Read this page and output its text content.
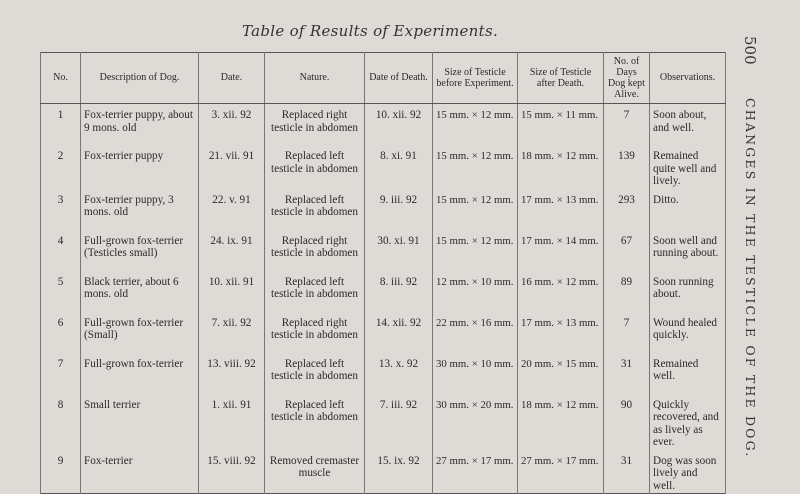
Table of Results of Experiments.
500
CHANGES IN THE TESTICLE OF THE DOG.
No.	Description of Dog.	Date.	Nature.	Date of Death.	Size of Testicle before Experiment.	Size of Testicle after Death.	No. of Days Dog kept Alive.	Observations.
1	Fox-terrier puppy, about 9 mons. old	3. xii. 92	Replaced right testicle in abdomen	10. xii. 92	15 mm. × 12 mm.	15 mm. × 11 mm.	7	Soon about, and well.
2	Fox-terrier puppy	21. vii. 91	Replaced left testicle in abdomen	8. xi. 91	15 mm. × 12 mm.	18 mm. × 12 mm.	139	Remained quite well and lively.
3	Fox-terrier puppy, 3 mons. old	22. v. 91	Replaced left testicle in abdomen	9. iii. 92	15 mm. × 12 mm.	17 mm. × 13 mm.	293	Ditto.
4	Full-grown fox-terrier (Testicles small)	24. ix. 91	Replaced right testicle in abdomen	30. xi. 91	15 mm. × 12 mm.	17 mm. × 14 mm.	67	Soon well and running about.
5	Black terrier, about 6 mons. old	10. xii. 91	Replaced left testicle in abdomen	8. iii. 92	12 mm. × 10 mm.	16 mm. × 12 mm.	89	Soon running about.
6	Full-grown fox-terrier (Small)	7. xii. 92	Replaced right testicle in abdomen	14. xii. 92	22 mm. × 16 mm.	17 mm. × 13 mm.	7	Wound healed quickly.
7	Full-grown fox-terrier	13. viii. 92	Replaced left testicle in abdomen	13. x. 92	30 mm. × 10 mm.	20 mm. × 15 mm.	31	Remained well.
8	Small terrier	1. xii. 91	Replaced left testicle in abdomen	7. iii. 92	30 mm. × 20 mm.	18 mm. × 12 mm.	90	Quickly recovered, and as lively as ever.
9	Fox-terrier	15. viii. 92	Removed cremaster muscle	15. ix. 92	27 mm. × 17 mm.	27 mm. × 17 mm.	31	Dog was soon lively and well.
